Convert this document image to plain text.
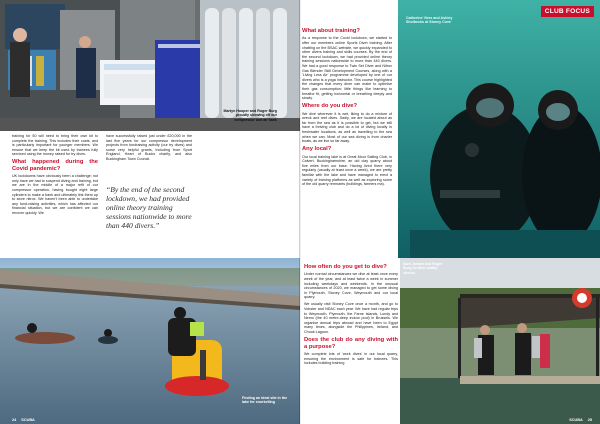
Martyn Hooper and Roger Burg proudly showing off our compressor and air bank

training for 50 will need to bring their own kit to complete the training. This includes their costs, and is particularly important for younger members. We ensure that we keep the kit used by trainees fully serviced using the money raised for try dives.

What happened during the Covid pandemic?

UK lockdowns have obviously been a challenge; not only have we had to suspend diving and training, but we are in the middle of a major refit of our compressor operation, having bought eight large cylinders to make a bank and ultimately link them up to store nitrox. We haven't been able to undertake any fund-raising activities, which has affected our financial situation, but we are confident we can recover quickly. We

have successfully raised just under £20,000 in the last five years for our compressor development projects from fundraising activity (our try dives) and some very helpful grants, including from Sport England, Heart of Bucks charity, and also Buckingham Town Council.

“By the end of the second lockdown, we had provided online theory training sessions nationwide to more than 440 divers.”
Finding an ideal site in the lake for snorkelling
24 SCUBA
What about training?

As a response to the Covid lockdown, we started to offer our members online Sports Diver training. After chatting on the BSAC website, we quickly expanded to other divers training and skills courses. By the end of the second lockdown, we had provided online theory training sessions nationwide to more than 440 divers. We had a good response to Twin Set Diver and Nitrox Gas Blender Skill Development Courses, along with a 'Living Less Air' programme developed by one of our divers who is a yoga instructor. This course highlighted the changes that every diver can make to optimise their gas consumption; little things like learning to breathe fit, getting horizontal or breathing deeply and slowly.

Where do you dive?

We dive wherever it is wet, liking to do a mixture of wreck and reef dives. Sadly, we are located about as far from the sea as it is possible to get, but we still have a thriving club and do a lot of diving locally in freshwater locations, as well as travelling to the sea when we can. Most of our sea diving is from charter boats, as we live so far away.

Any local?

Our local training lake is at Great Moor Sailing Club, in Calvert, Buckinghamshire, an old clay quarry about five miles from our base. Having lived there very regularly (usually at least once a week), we are pretty familiar with the lake and have managed to erect a variety of training platforms as well as exploring some of the old quarry remnants (buildings, farmers ma).

Catherine Viers and Ashley Sholbecks at Stoney Cove
CLUB FOCUS
How often do you get to dive?

Under normal circumstances we dive at least once every week of the year, and at least twice a week in summer including weekdays and weekends. In the unusual circumstances of 2020, we managed to get some diving in Plymouth, Stoney Cove, Weymouth and our local quarry.

We usually visit Stoney Cove once a month, and go to Vobster and NDAC each year. We have had regular trips to Weymouth, Plymouth, the Farne Islands, Lundy and Nemo (the 40 metre-deep indoor pool) in Brussels. We organise annual trips abroad and have been to Egypt many times, alongside the Philippines, Ireland, and Chuuk Lagoon.

Does the club do any diving with a purpose?

We complete lots of 'work dives' in our local quarry, ensuring the environment is safe for trainees. This includes building training

Sara Jordan and Roger Burg do their buddy checks
SCUBA 25
